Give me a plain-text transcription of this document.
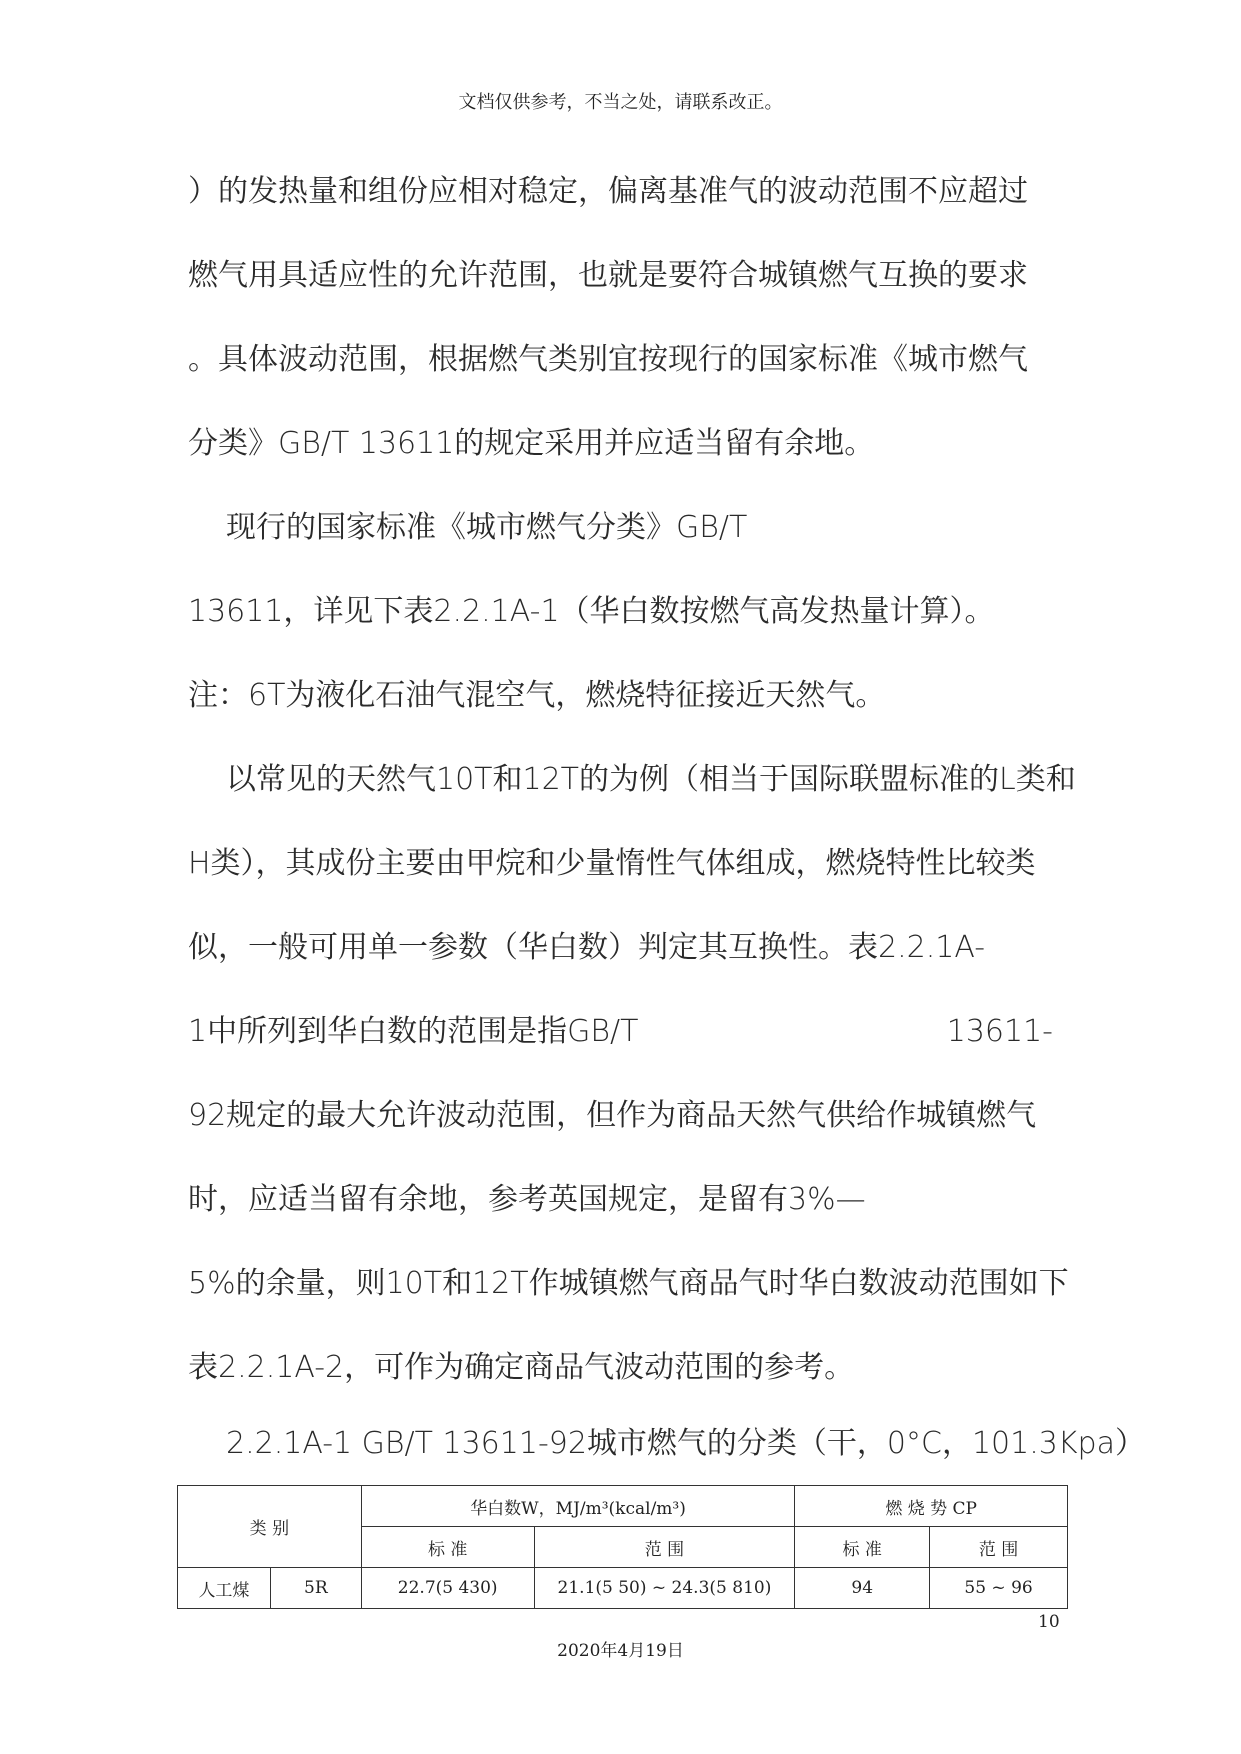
文档仅供参考，不当之处，请联系改正。
）的发热量和组份应相对稳定，偏离基准气的波动范围不应超过
燃气用具适应性的允许范围，也就是要符合城镇燃气互换的要求
。具体波动范围，根据燃气类别宜按现行的国家标准《城市燃气
分类》GB/T 13611的规定采用并应适当留有余地。
现行的国家标准《城市燃气分类》GB/T
13611，详见下表2.2.1A-1（华白数按燃气高发热量计算）。
注：6T为液化石油气混空气，燃烧特征接近天然气。
以常见的天然气10T和12T的为例（相当于国际联盟标准的L类和
H类），其成份主要由甲烷和少量惰性气体组成，燃烧特性比较类
似，一般可用单一参数（华白数）判定其互换性。表2.2.1A-
1中所列到华白数的范围是指GB/T	13611-
92规定的最大允许波动范围，但作为商品天然气供给作城镇燃气
时，应适当留有余地，参考英国规定，是留有3%—
5%的余量，则10T和12T作城镇燃气商品气时华白数波动范围如下
表2.2.1A-2，可作为确定商品气波动范围的参考。
2.2.1A-1 GB/T 13611-92城市燃气的分类（干，0°C，101.3Kpa）
类 别		华白数W，MJ/m³(kcal/m³)		燃 烧 势 CP	
		标 准	范 围	标 准	范 围
人工煤	5R	22.7(5 430)	21.1(5 50) ~ 24.3(5 810)	94	55 ~ 96
10
2020年4月19日
